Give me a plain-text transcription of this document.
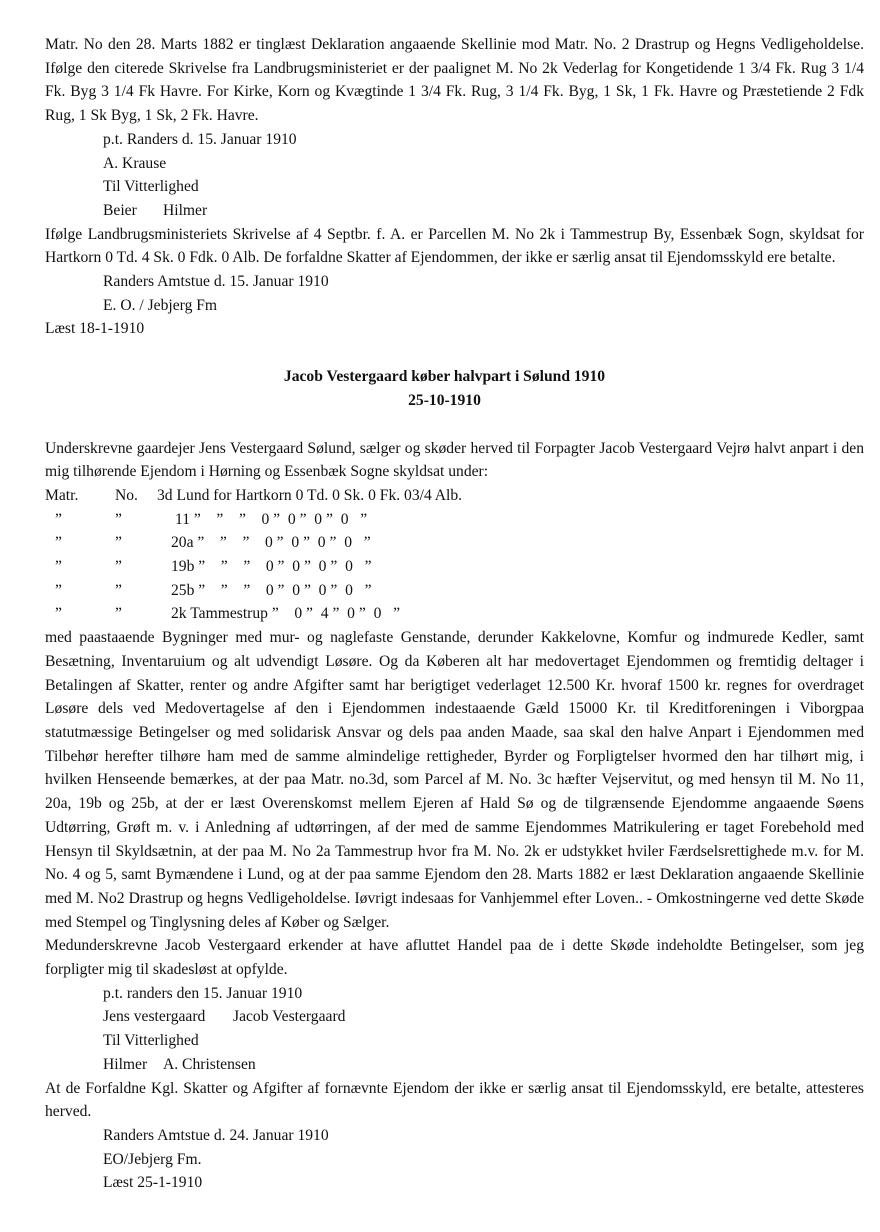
Matr. No den 28. Marts 1882 er tinglæst Deklaration angaaende Skellinie mod Matr. No. 2 Drastrup og Hegns Vedligeholdelse. Ifølge den citerede Skrivelse fra Landbrugsministeriet er der paalignet M. No 2k Vederlag for Kongetidende 1 3/4 Fk. Rug 3 1/4 Fk. Byg 3 1/4 Fk Havre. For Kirke, Korn og Kvægtinde 1 3/4 Fk. Rug, 3 1/4 Fk. Byg, 1 Sk, 1 Fk. Havre og Præstetiende 2 Fdk Rug, 1 Sk Byg, 1 Sk, 2 Fk. Havre.

p.t. Randers d. 15. Januar 1910

A. Krause

Til Vitterlighed

Beier Hilmer

Ifølge Landbrugsministeriets Skrivelse af 4 Septbr. f. A. er Parcellen M. No 2k i Tammestrup By, Essenbæk Sogn, skyldsat for Hartkorn 0 Td. 4 Sk. 0 Fdk. 0 Alb. De forfaldne Skatter af Ejendommen, der ikke er særlig ansat til Ejendomsskyld ere betalte.

Randers Amtstue d. 15. Januar 1910

E. O. / Jebjerg Fm

Læst 18-1-1910

Jacob Vestergaard køber halvpart i Sølund 1910

25-10-1910

Underskrevne gaardejer Jens Vestergaard Sølund, sælger og skøder herved til Forpagter Jacob Vestergaard Vejrø halvt anpart i den mig tilhørende Ejendom i Hørning og Essenbæk Sogne skyldsat under:

Matr.	No.	3d Lund for Hartkorn 0 Td. 0 Sk. 0 Fk. 03/4 Alb.
”	”	11 ”    ”    ”    0 ”  0 ”  0 ”  0   ”
”	”	20a ”    ”    ”    0 ”  0 ”  0 ”  0   ”
”	”	19b ”    ”    ”    0 ”  0 ”  0 ”  0   ”
”	”	25b ”    ”    ”    0 ”  0 ”  0 ”  0   ”
”	”	2k Tammestrup ”    0 ”  4 ”  0 ”  0   ”

med paastaaende Bygninger med mur- og naglefaste Genstande, derunder Kakkelovne, Komfur og indmurede Kedler, samt Besætning, Inventaruium og alt udvendigt Løsøre. Og da Køberen alt har medovertaget Ejendommen og fremtidig deltager i Betalingen af Skatter, renter og andre Afgifter samt har berigtiget vederlaget 12.500 Kr. hvoraf 1500 kr. regnes for overdraget Løsøre dels ved Medovertagelse af den i Ejendommen indestaaende Gæld 15000 Kr. til Kreditforeningen i Viborgpaa statutmæssige Betingelser og med solidarisk Ansvar og dels paa anden Maade, saa skal den halve Anpart i Ejendommen med Tilbehør herefter tilhøre ham med de samme almindelige rettigheder, Byrder og Forpligtelser hvormed den har tilhørt mig, i hvilken Henseende bemærkes, at der paa Matr. no.3d, som Parcel af M. No. 3c hæfter Vejservitut, og med hensyn til M. No 11, 20a, 19b og 25b, at der er læst Overenskomst mellem Ejeren af Hald Sø og de tilgrænsende Ejendomme angaaende Søens Udtørring, Grøft m. v. i Anledning af udtørringen, af der med de samme Ejendommes Matrikulering er taget Forebehold med Hensyn til Skyldsætnin, at der paa M. No 2a Tammestrup hvor fra M. No. 2k er udstykket hviler Færdselsrettighede m.v. for M. No. 4 og 5, samt Bymændene i Lund, og at der paa samme Ejendom den 28. Marts 1882 er læst Deklaration angaaende Skellinie med M. No2 Drastrup og hegns Vedligeholdelse. Iøvrigt indesaas for Vanhjemmel efter Loven.. - Omkostningerne ved dette Skøde med Stempel og Tinglysning deles af Køber og Sælger.

Medunderskrevne Jacob Vestergaard erkender at have afluttet Handel paa de i dette Skøde indeholdte Betingelser, som jeg forpligter mig til skadesløst at opfylde.

p.t. randers den 15. Januar 1910

Jens vestergaard Jacob Vestergaard

Til Vitterlighed

Hilmer A. Christensen

At de Forfaldne Kgl. Skatter og Afgifter af fornævnte Ejendom der ikke er særlig ansat til Ejendomsskyld, ere betalte, attesteres herved.

Randers Amtstue d. 24. Januar 1910

EO/Jebjerg Fm.

Læst 25-1-1910
